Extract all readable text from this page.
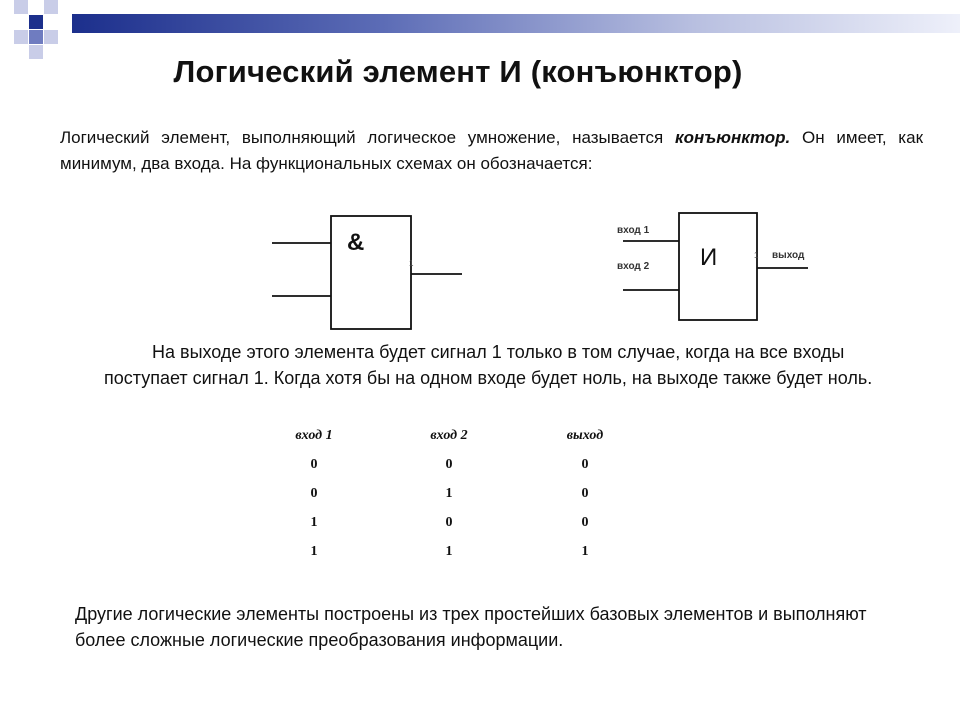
Логический элемент И (конъюнктор)
Логический элемент, выполняющий логическое умножение, называется конъюнктор. Он имеет, как минимум, два входа. На функциональных схемах он обозначается:
&
1	И
вход 1
вход 2
выход
1
На выходе этого элемента будет сигнал 1 только в том случае, когда на все входы поступает сигнал 1. Когда хотя бы на одном входе будет ноль, на выходе также будет ноль.
вход 1	вход 2	выход
0	0	0
0	1	0
1	0	0
1	1	1
Другие логические элементы построены из трех простейших базовых элементов и выполняют более сложные логические преобразования информации.
